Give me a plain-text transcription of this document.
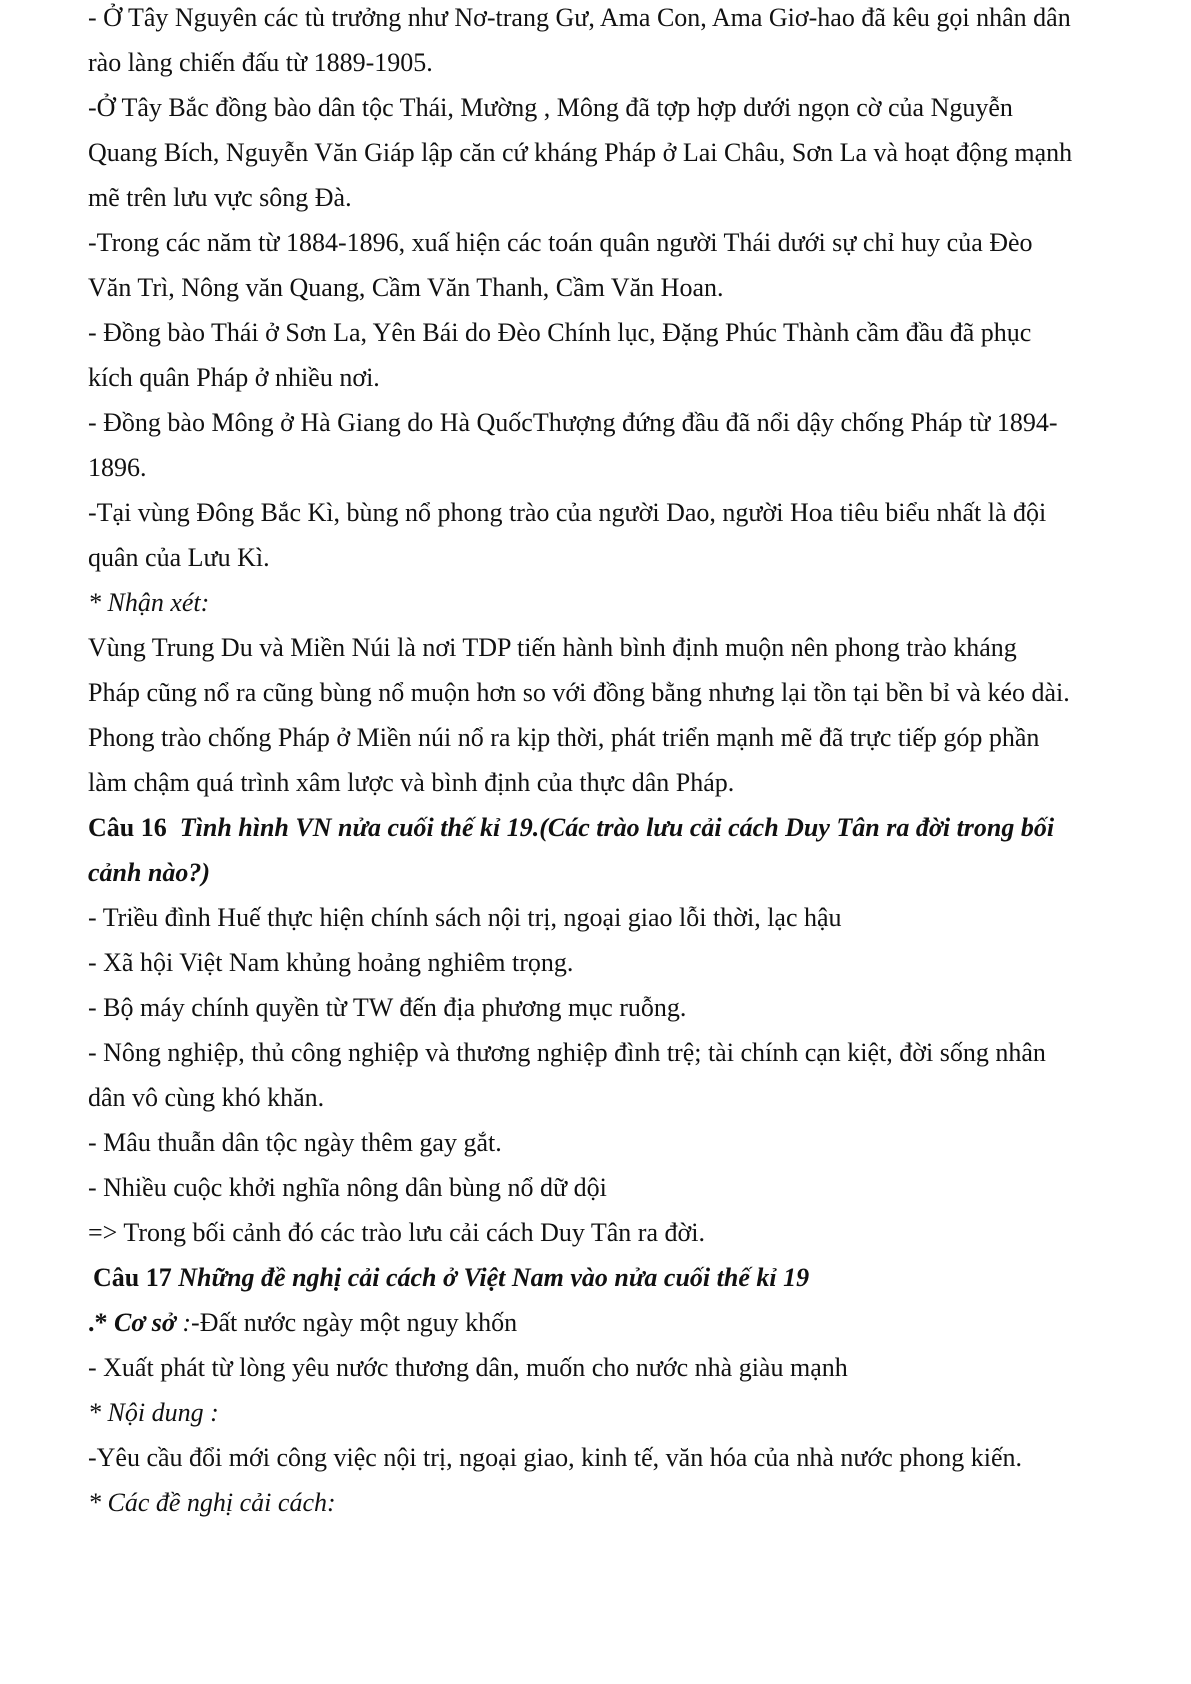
- Ở Tây Nguyên các tù trưởng như Nơ-trang Gư, Ama Con, Ama Giơ-hao đã kêu gọi nhân dân
rào làng chiến đấu từ 1889-1905.
-Ở Tây Bắc đồng bào dân tộc Thái, Mường , Mông đã tợp hợp dưới ngọn cờ của Nguyễn
Quang Bích, Nguyễn Văn Giáp lập căn cứ kháng Pháp ở Lai Châu, Sơn La và hoạt động mạnh
mẽ trên lưu vực sông Đà.
-Trong các năm từ 1884-1896, xuấ hiện các toán quân người Thái dưới sự chỉ huy của Đèo
Văn Trì, Nông văn Quang, Cầm Văn Thanh, Cầm Văn Hoan.
- Đồng bào Thái ở Sơn La, Yên Bái do Đèo Chính lục, Đặng Phúc Thành cầm đầu đã phục
kích quân Pháp ở nhiều nơi.
- Đồng bào Mông ở Hà Giang do Hà QuốcThượng đứng đầu đã nổi dậy chống Pháp từ 1894-
1896.
-Tại vùng Đông Bắc Kì, bùng nổ phong trào của người Dao, người Hoa tiêu biểu nhất là đội
quân của Lưu Kì.
* Nhận xét:
Vùng Trung Du và Miền Núi là nơi TDP tiến hành bình định muộn nên phong trào kháng
Pháp cũng nổ ra cũng bùng nổ muộn hơn so với đồng bằng nhưng lại tồn tại bền bỉ và kéo dài.
Phong trào chống Pháp ở Miền núi nổ ra kịp thời, phát triển mạnh mẽ đã trực tiếp góp phần
làm chậm quá trình xâm lược và bình định của thực dân Pháp.
Câu 16 Tình hình VN nửa cuối thế kỉ 19.(Các trào lưu cải cách Duy Tân ra đời trong bối
cảnh nào?)
- Triều đình Huế thực hiện chính sách nội trị, ngoại giao lỗi thời, lạc hậu
- Xã hội Việt Nam khủng hoảng nghiêm trọng.
- Bộ máy chính quyền từ TW đến địa phương mục ruỗng.
- Nông nghiệp, thủ công nghiệp và thương nghiệp đình trệ; tài chính cạn kiệt, đời sống nhân
dân vô cùng khó khăn.
- Mâu thuẫn dân tộc ngày thêm gay gắt.
- Nhiều cuộc khởi nghĩa nông dân bùng nổ dữ dội
=> Trong bối cảnh đó các trào lưu cải cách Duy Tân ra đời.
Câu 17 Những đề nghị cải cách ở Việt Nam vào nửa cuối thế kỉ 19
.* Cơ sở :-Đất nước ngày một nguy khốn
- Xuất phát từ lòng yêu nước thương dân, muốn cho nước nhà giàu mạnh
* Nội dung :
-Yêu cầu đổi mới công việc nội trị, ngoại giao, kinh tế, văn hóa của nhà nước phong kiến.
* Các đề nghị cải cách:
